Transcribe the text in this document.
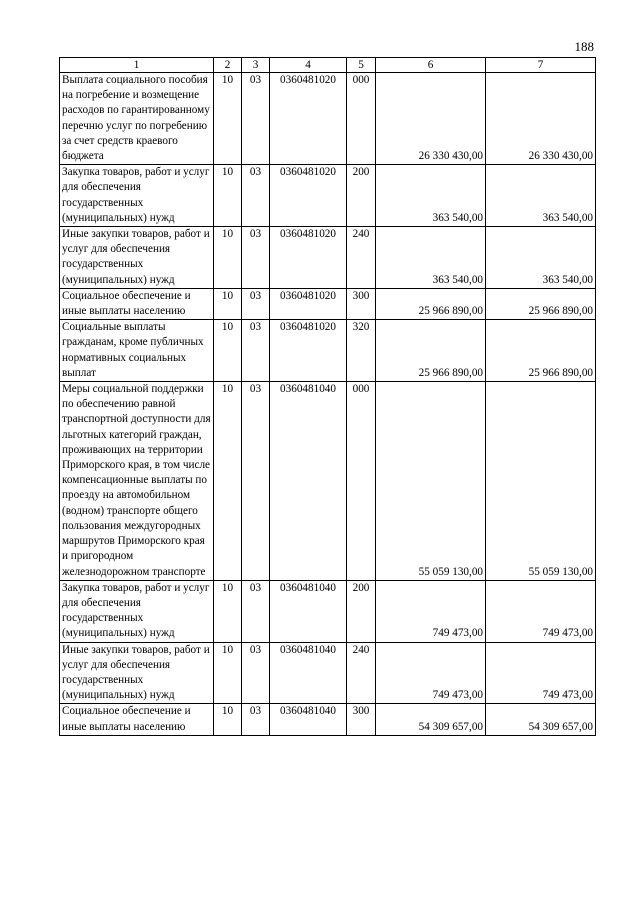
188
1	2	3	4	5	6	7
Выплата социального пособия на погребение и возмещение расходов по гарантированному перечню услуг по погребению за счет средств краевого бюджета	10	03	0360481020	000	26 330 430,00	26 330 430,00
Закупка товаров, работ и услуг для обеспечения государственных (муниципальных) нужд	10	03	0360481020	200	363 540,00	363 540,00
Иные закупки товаров, работ и услуг для обеспечения государственных (муниципальных) нужд	10	03	0360481020	240	363 540,00	363 540,00
Социальное обеспечение и иные выплаты населению	10	03	0360481020	300	25 966 890,00	25 966 890,00
Социальные выплаты гражданам, кроме публичных нормативных социальных выплат	10	03	0360481020	320	25 966 890,00	25 966 890,00
Меры социальной поддержки по обеспечению равной транспортной доступности для льготных категорий граждан, проживающих на территории Приморского края, в том числе компенсационные выплаты по проезду на автомобильном (водном) транспорте общего пользования междугородных маршрутов Приморского края и пригородном железнодорожном транспорте	10	03	0360481040	000	55 059 130,00	55 059 130,00
Закупка товаров, работ и услуг для обеспечения государственных (муниципальных) нужд	10	03	0360481040	200	749 473,00	749 473,00
Иные закупки товаров, работ и услуг для обеспечения государственных (муниципальных) нужд	10	03	0360481040	240	749 473,00	749 473,00
Социальное обеспечение и иные выплаты населению	10	03	0360481040	300	54 309 657,00	54 309 657,00
